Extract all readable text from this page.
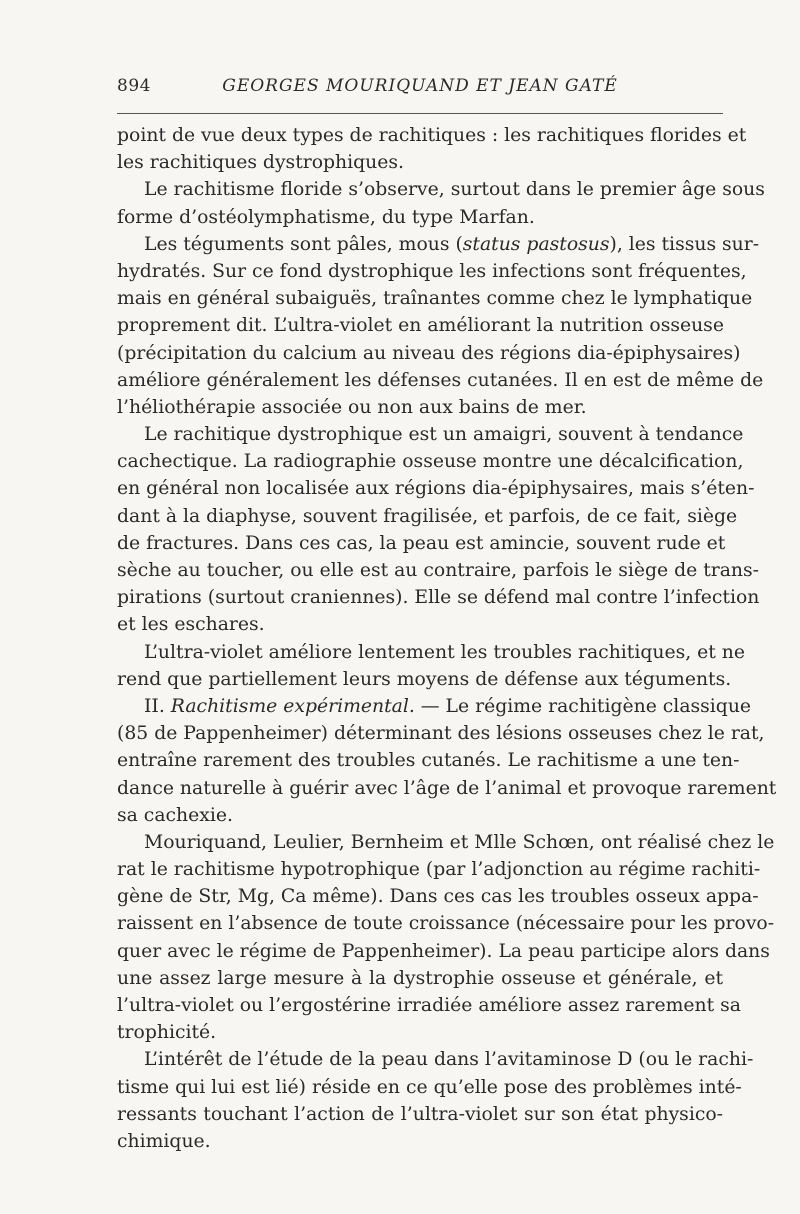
894	GEORGES MOURIQUAND ET JEAN GATÉ
point de vue deux types de rachitiques : les rachitiques florides et
les rachitiques dystrophiques.
Le rachitisme floride s’observe, surtout dans le premier âge sous
forme d’ostéolymphatisme, du type Marfan.
Les téguments sont pâles, mous (status pastosus), les tissus sur-
hydratés. Sur ce fond dystrophique les infections sont fréquentes,
mais en général subaiguës, traînantes comme chez le lymphatique
proprement dit. L’ultra-violet en améliorant la nutrition osseuse
(précipitation du calcium au niveau des régions dia-épiphysaires)
améliore généralement les défenses cutanées. Il en est de même de
l’héliothérapie associée ou non aux bains de mer.
Le rachitique dystrophique est un amaigri, souvent à tendance
cachectique. La radiographie osseuse montre une décalcification,
en général non localisée aux régions dia-épiphysaires, mais s’éten-
dant à la diaphyse, souvent fragilisée, et parfois, de ce fait, siège
de fractures. Dans ces cas, la peau est amincie, souvent rude et
sèche au toucher, ou elle est au contraire, parfois le siège de trans-
pirations (surtout craniennes). Elle se défend mal contre l’infection
et les eschares.
L’ultra-violet améliore lentement les troubles rachitiques, et ne
rend que partiellement leurs moyens de défense aux téguments.
II. Rachitisme expérimental. — Le régime rachitigène classique
(85 de Pappenheimer) déterminant des lésions osseuses chez le rat,
entraîne rarement des troubles cutanés. Le rachitisme a une ten-
dance naturelle à guérir avec l’âge de l’animal et provoque rarement
sa cachexie.
Mouriquand, Leulier, Bernheim et Mlle Schœn, ont réalisé chez le
rat le rachitisme hypotrophique (par l’adjonction au régime rachiti-
gène de Str, Mg, Ca même). Dans ces cas les troubles osseux appa-
raissent en l’absence de toute croissance (nécessaire pour les provo-
quer avec le régime de Pappenheimer). La peau participe alors dans
une assez large mesure à la dystrophie osseuse et générale, et
l’ultra-violet ou l’ergostérine irradiée améliore assez rarement sa
trophicité.
L’intérêt de l’étude de la peau dans l’avitaminose D (ou le rachi-
tisme qui lui est lié) réside en ce qu’elle pose des problèmes inté-
ressants touchant l’action de l’ultra-violet sur son état physico-
chimique.
